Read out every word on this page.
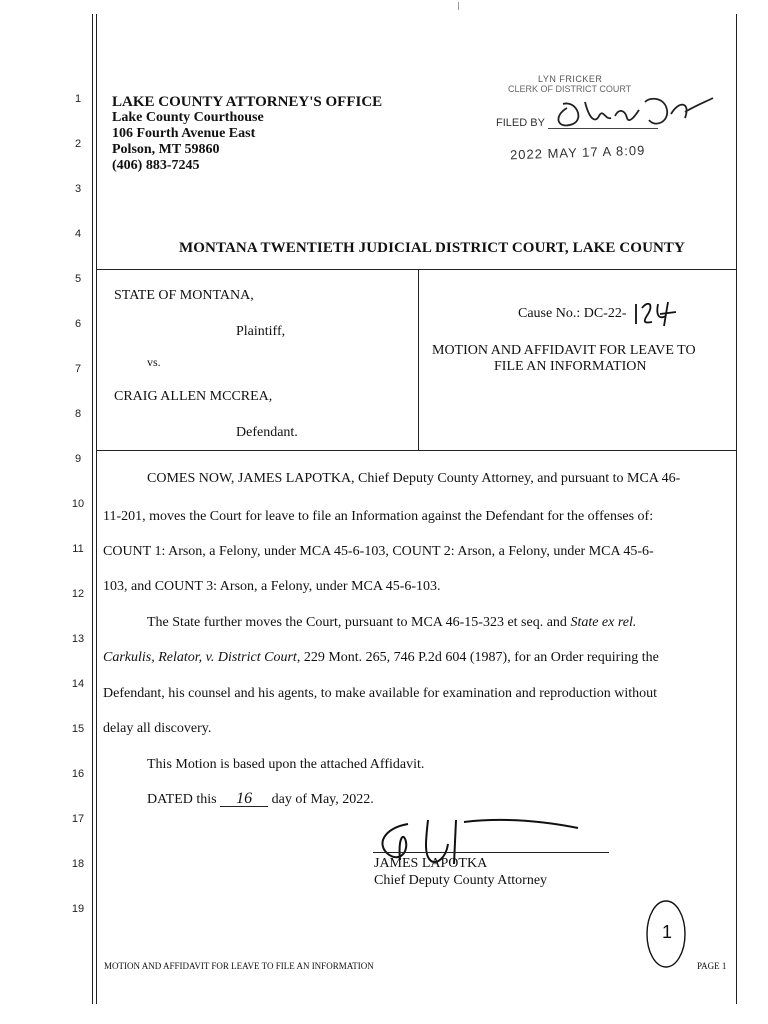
1
2
3
4
5
6
7
8
9
10
11
12
13
14
15
16
17
18
19
LAKE COUNTY ATTORNEY'S OFFICE
Lake County Courthouse
106 Fourth Avenue East
Polson, MT 59860
(406) 883-7245
LYN FRICKER
CLERK OF DISTRICT COURT
FILED BY
2022 MAY 17 A 8:09
MONTANA TWENTIETH JUDICIAL DISTRICT COURT, LAKE COUNTY
STATE OF MONTANA,
Plaintiff,
vs.
CRAIG ALLEN MCCREA,
Defendant.
Cause No.: DC-22-
MOTION AND AFFIDAVIT FOR LEAVE TO
FILE AN INFORMATION
COMES NOW, JAMES LAPOTKA, Chief Deputy County Attorney, and pursuant to MCA 46-
11-201, moves the Court for leave to file an Information against the Defendant for the offenses of:
COUNT 1: Arson, a Felony, under MCA 45-6-103, COUNT 2: Arson, a Felony, under MCA 45-6-
103, and COUNT 3: Arson, a Felony, under MCA 45-6-103.
The State further moves the Court, pursuant to MCA 46-15-323 et seq. and State ex rel.
Carkulis, Relator, v. District Court, 229 Mont. 265, 746 P.2d 604 (1987), for an Order requiring the
Defendant, his counsel and his agents, to make available for examination and reproduction without
delay all discovery.
This Motion is based upon the attached Affidavit.
DATED this 16 day of May, 2022.
JAMES LAPOTKA
Chief Deputy County Attorney
1
MOTION AND AFFIDAVIT FOR LEAVE TO FILE AN INFORMATION	PAGE 1
